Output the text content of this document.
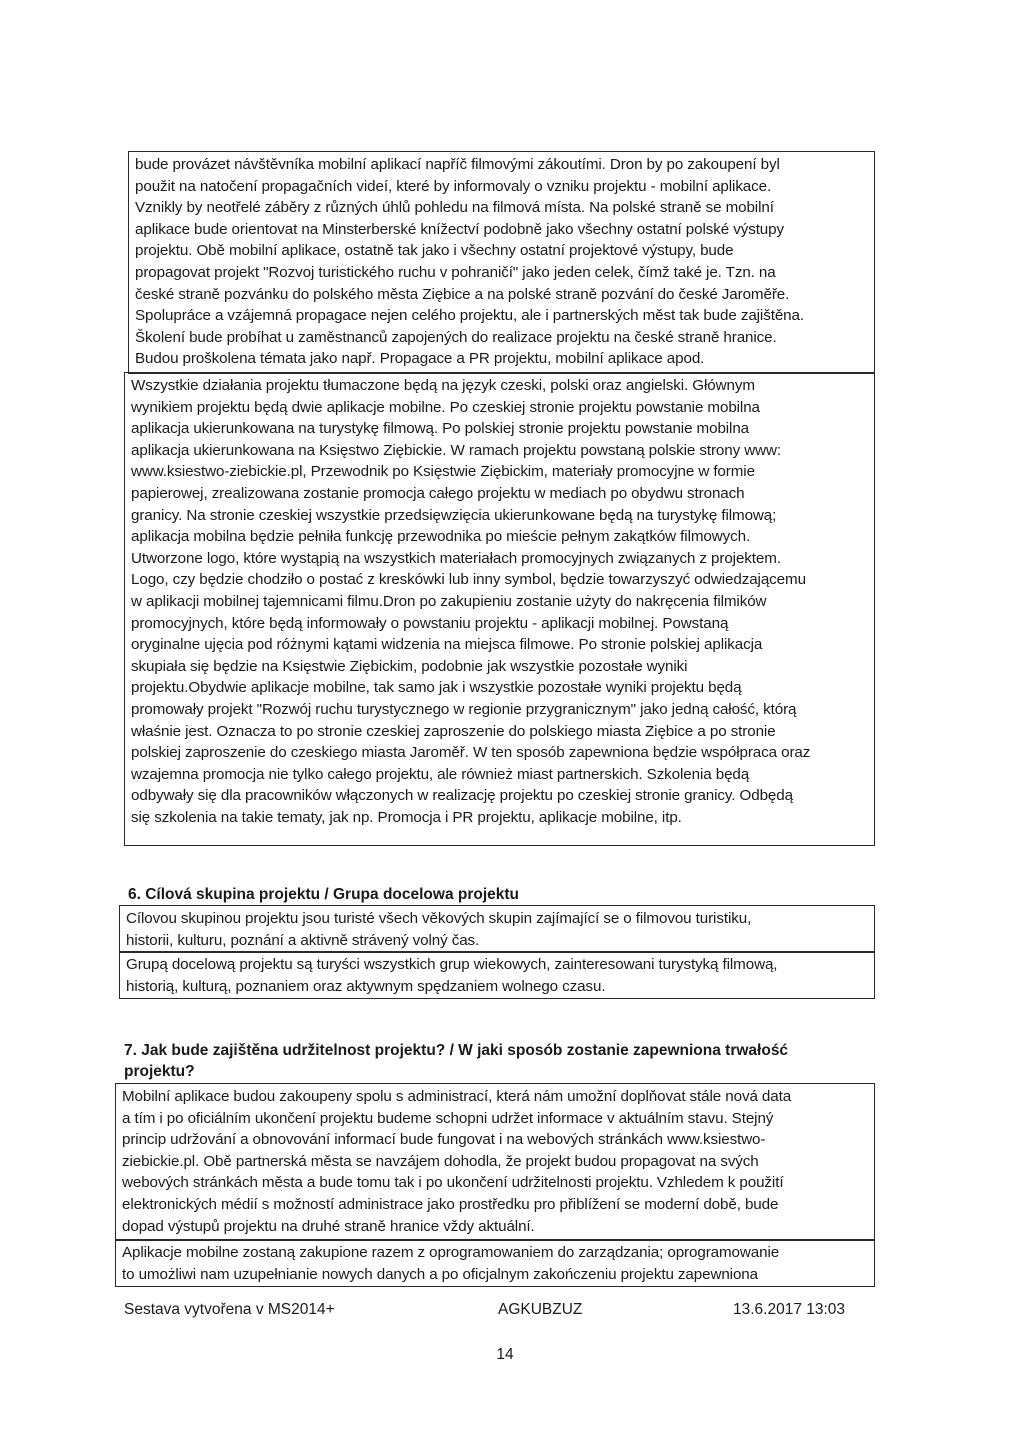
bude provázet návštěvníka mobilní aplikací napříč filmovými zákoutími. Dron by po zakoupení byl
použit na natočení propagačních videí, které by informovaly o vzniku projektu - mobilní aplikace.
Vznikly by neotřelé záběry z různých úhlů pohledu na filmová místa. Na polské straně se mobilní
aplikace bude orientovat na Minsterberské knížectví podobně jako všechny ostatní polské výstupy
projektu. Obě mobilní aplikace, ostatně tak jako i všechny ostatní projektové výstupy, bude
propagovat projekt "Rozvoj turistického ruchu v pohraničí" jako jeden celek, čímž také je. Tzn. na
české straně pozvánku do polského města Ziębice a na polské straně pozvání do české Jaroměře.
Spolupráce a vzájemná propagace nejen celého projektu, ale i partnerských měst tak bude zajištěna.
Školení bude probíhat u zaměstnanců zapojených do realizace projektu na české straně hranice.
Budou proškolena témata jako např. Propagace a PR projektu, mobilní aplikace apod.

Wszystkie działania projektu tłumaczone będą na język czeski, polski oraz angielski. Głównym
wynikiem projektu będą dwie aplikacje mobilne. Po czeskiej stronie projektu powstanie mobilna
aplikacja ukierunkowana na turystykę filmową. Po polskiej stronie projektu powstanie mobilna
aplikacja ukierunkowana na Księstwo Ziębickie. W ramach projektu powstaną polskie strony www:
www.ksiestwo-ziebickie.pl, Przewodnik po Księstwie Ziębickim, materiały promocyjne w formie
papierowej, zrealizowana zostanie promocja całego projektu w mediach po obydwu stronach
granicy. Na stronie czeskiej wszystkie przedsięwzięcia ukierunkowane będą na turystykę filmową;
aplikacja mobilna będzie pełniła funkcję przewodnika po mieście pełnym zakątków filmowych.
Utworzone logo, które wystąpią na wszystkich materiałach promocyjnych związanych z projektem.
Logo, czy będzie chodziło o postać z kreskówki lub inny symbol, będzie towarzyszyć odwiedzającemu
w aplikacji mobilnej tajemnicami filmu.Dron po zakupieniu zostanie użyty do nakręcenia filmików
promocyjnych, które będą informowały o powstaniu projektu - aplikacji mobilnej. Powstaną
oryginalne ujęcia pod różnymi kątami widzenia na miejsca filmowe. Po stronie polskiej aplikacja
skupiała się będzie na Księstwie Ziębickim, podobnie jak wszystkie pozostałe wyniki
projektu.Obydwie aplikacje mobilne, tak samo jak i wszystkie pozostałe wyniki projektu będą
promowały projekt "Rozwój ruchu turystycznego w regionie przygranicznym" jako jedną całość, którą
właśnie jest. Oznacza to po stronie czeskiej zaproszenie do polskiego miasta Ziębice a po stronie
polskiej zaproszenie do czeskiego miasta Jaroměř. W ten sposób zapewniona będzie współpraca oraz
wzajemna promocja nie tylko całego projektu, ale również miast partnerskich. Szkolenia będą
odbywały się dla pracowników włączonych w realizację projektu po czeskiej stronie granicy. Odbędą
się szkolenia na takie tematy, jak np. Promocja i PR projektu, aplikacje mobilne, itp.

6. Cílová skupina projektu / Grupa docelowa projektu

Cílovou skupinou projektu jsou turisté všech věkových skupin zajímající se o filmovou turistiku,
historii, kulturu, poznání a aktivně strávený volný čas.

Grupą docelową projektu są turyści wszystkich grup wiekowych, zainteresowani turystyką filmową,
historią, kulturą, poznaniem oraz aktywnym spędzaniem wolnego czasu.

7. Jak bude zajištěna udržitelnost projektu? / W jaki sposób zostanie zapewniona trwałość
projektu?

Mobilní aplikace budou zakoupeny spolu s administrací, která nám umožní doplňovat stále nová data
a tím i po oficiálním ukončení projektu budeme schopni udržet informace v aktuálním stavu. Stejný
princip udržování a obnovování informací bude fungovat i na webových stránkách www.ksiestwo-
ziebickie.pl. Obě partnerská města se navzájem dohodla, že projekt budou propagovat na svých
webových stránkách města a bude tomu tak i po ukončení udržitelnosti projektu. Vzhledem k použití
elektronických médií s možností administrace jako prostředku pro přiblížení se moderní době, bude
dopad výstupů projektu na druhé straně hranice vždy aktuální.

Aplikacje mobilne zostaną zakupione razem z oprogramowaniem do zarządzania; oprogramowanie
to umożliwi nam uzupełnianie nowych danych a po oficjalnym zakończeniu projektu zapewniona

Sestava vytvořena v MS2014+	AGKUBZUZ	13.6.2017 13:03
14
